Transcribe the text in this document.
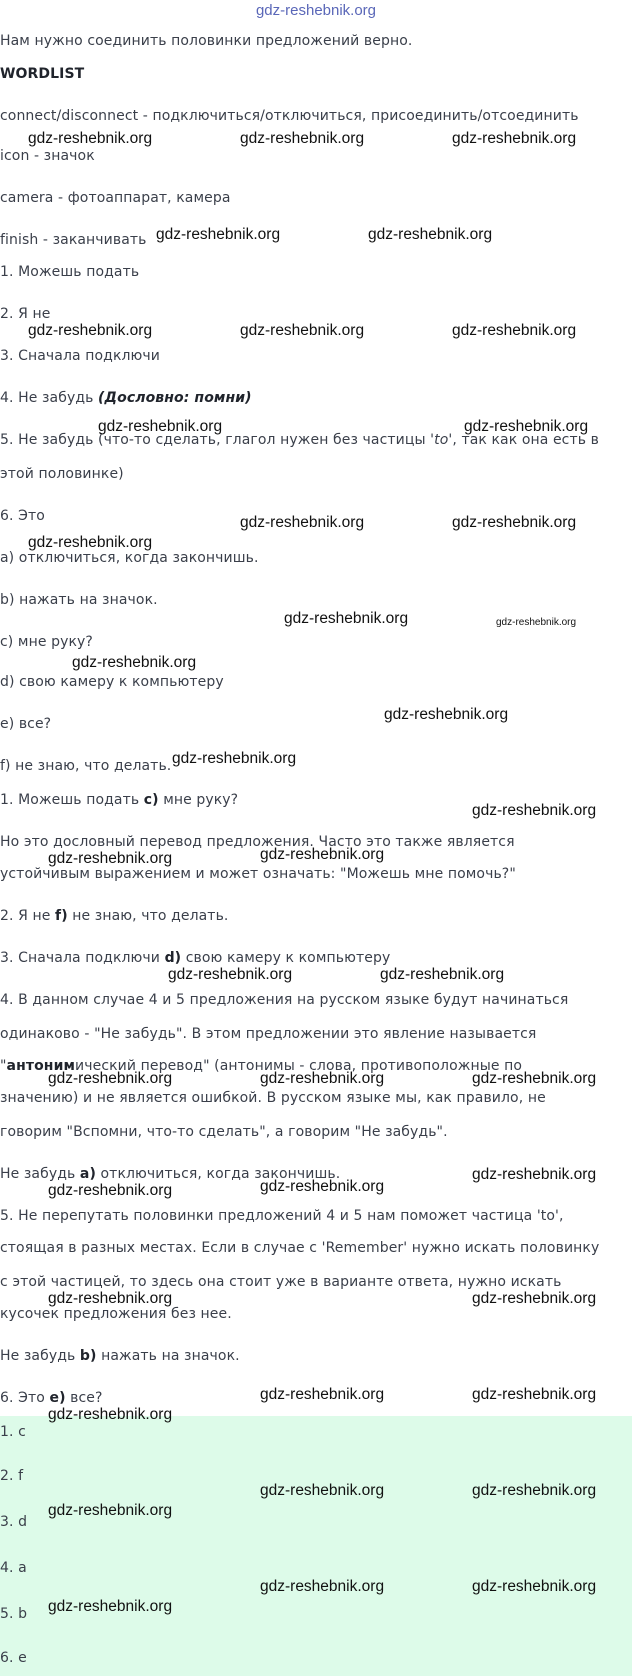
gdz-reshebnik.org
Нам нужно соединить половинки предложений верно.
WORDLIST
connect/disconnect - подключиться/отключиться, присоединить/отсоединить
icon - значок
camera - фотоаппарат, камера
finish - заканчивать
1. Можешь подать
2. Я не
3. Сначала подключи
4. Не забудь (Дословно: помни)
5. Не забудь (что-то сделать, глагол нужен без частицы 'to', так как она есть в
этой половинке)
6. Это
a) отключиться, когда закончишь.
b) нажать на значок.
c) мне руку?
d) свою камеру к компьютеру
e) все?
f) не знаю, что делать.
1. Можешь подать c) мне руку?
Но это дословный перевод предложения. Часто это также является
устойчивым выражением и может означать: "Можешь мне помочь?"
2. Я не f) не знаю, что делать.
3. Сначала подключи d) свою камеру к компьютеру
4. В данном случае 4 и 5 предложения на русском языке будут начинаться
одинаково - "Не забудь". В этом предложении это явление называется
"антонимический перевод" (антонимы - слова, противоположные по
значению) и не является ошибкой. В русском языке мы, как правило, не
говорим "Вспомни, что-то сделать", а говорим "Не забудь".
Не забудь a) отключиться, когда закончишь.
5. Не перепутать половинки предложений 4 и 5 нам поможет частица 'to',
стоящая в разных местах. Если в случае с 'Remember' нужно искать половинку
с этой частицей, то здесь она стоит уже в варианте ответа, нужно искать
кусочек предложения без нее.
Не забудь b) нажать на значок.
6. Это e) все?
1. c
2. f
3. d
4. a
5. b
6. e
gdz-reshebnik.org	gdz-reshebnik.org	gdz-reshebnik.org
gdz-reshebnik.org	gdz-reshebnik.org
gdz-reshebnik.org	gdz-reshebnik.org	gdz-reshebnik.org
gdz-reshebnik.org	gdz-reshebnik.org
gdz-reshebnik.org
gdz-reshebnik.org	gdz-reshebnik.org
gdz-reshebnik.org	gdz-reshebnik.org
gdz-reshebnik.org
gdz-reshebnik.org
gdz-reshebnik.org
gdz-reshebnik.org
gdz-reshebnik.org	gdz-reshebnik.org
gdz-reshebnik.org	gdz-reshebnik.org
gdz-reshebnik.org	gdz-reshebnik.org	gdz-reshebnik.org
gdz-reshebnik.org	gdz-reshebnik.org
gdz-reshebnik.org
gdz-reshebnik.org	gdz-reshebnik.org
gdz-reshebnik.org	gdz-reshebnik.org
gdz-reshebnik.org
gdz-reshebnik.org	gdz-reshebnik.org
gdz-reshebnik.org
gdz-reshebnik.org	gdz-reshebnik.org
gdz-reshebnik.org
